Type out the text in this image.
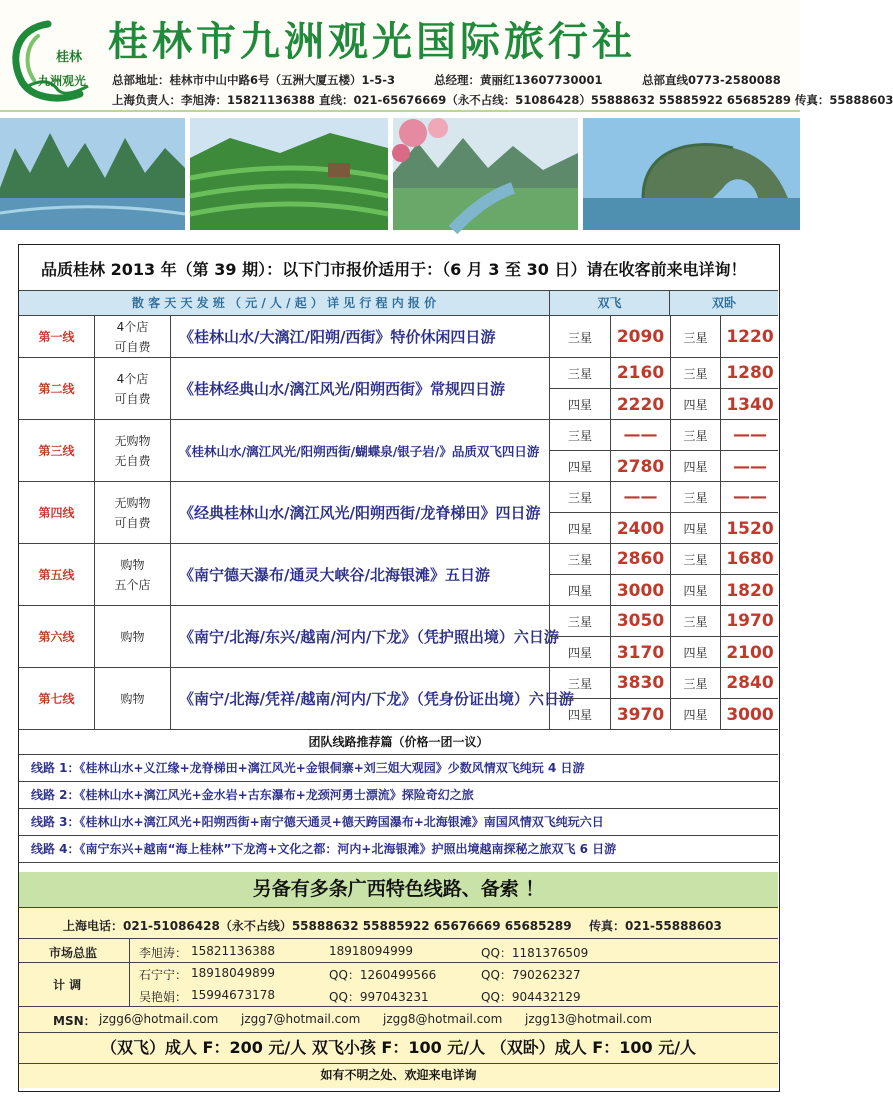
桂林
九洲观光
桂林市九洲观光国际旅行社
总部地址：桂林市中山中路6号（五洲大厦五楼）1-5-3	总经理：黄丽红13607730001	总部直线0773-2580088
上海负责人：李旭涛：15821136388 直线：021-65676669（永不占线：51086428）55888632 55885922 65685289 传真：55888603
品质桂林 2013 年（第 39 期）：以下门市报价适用于：（6 月 3 至 30 日）请在收客前来电详询！
散 客 天 天 发 班 （ 元 / 人 / 起 ） 详 见 行 程 内 报 价	双飞	双卧
第一线
4个店
可自费
《桂林山水/大漓江/阳朔/西街》特价休闲四日游	三星 2090 三星 1220
第二线
4个店
可自费
《桂林经典山水/漓江风光/阳朔西街》常规四日游
三星 2160 三星 1280
四星 2220 四星 1340
第三线
无购物
无自费
《桂林山水/漓江风光/阳朔西街/蝴蝶泉/银子岩/》品质双飞四日游
三星 —— 三星 ——
四星 2780 四星 ——
第四线
无购物
可自费
《经典桂林山水/漓江风光/阳朔西街/龙脊梯田》四日游
三星 —— 三星 ——
四星 2400 四星 1520
第五线
购物
五个店
《南宁德天瀑布/通灵大峡谷/北海银滩》五日游
三星 2860 三星 1680
四星 3000 四星 1820
第六线	购物	《南宁/北海/东兴/越南/河内/下龙》（凭护照出境）六日游
三星 3050 三星 1970
四星 3170 四星 2100
第七线	购物	《南宁/北海/凭祥/越南/河内/下龙》（凭身份证出境）六日游
三星 3830 三星 2840
四星 3970 四星 3000
团队线路推荐篇（价格一团一议）
线路 1：《桂林山水+义江缘+龙脊梯田+漓江风光+金银侗寨+刘三姐大观园》少数风情双飞纯玩 4 日游
线路 2：《桂林山水+漓江风光+金水岩+古东瀑布+龙颈河勇士漂流》探险奇幻之旅
线路 3：《桂林山水+漓江风光+阳朔西街+南宁德天通灵+德天跨国瀑布+北海银滩》南国风情双飞纯玩六日
线路 4：《南宁东兴+越南“海上桂林”下龙湾+文化之都：河内+北海银滩》护照出境越南探秘之旅双飞 6 日游
另备有多条广西特色线路、备索 ！
上海电话：021-51086428（永不占线）55888632 55885922 65676669 65685289 传真：021-55888603
市场总监	李旭涛： 15821136388	18918094999	QQ：1181376509
计 调
石宁宁： 18918049899	QQ：1260499566	QQ：790262327
吴艳娟： 15994673178	QQ：997043231	QQ：904432129
MSN： jzgg6@hotmail.com jzgg7@hotmail.com jzgg8@hotmail.com jzgg13@hotmail.com
（双飞）成人 F：200 元/人 双飞小孩 F：100 元/人 （双卧）成人 F：100 元/人
如有不明之处、欢迎来电详询
